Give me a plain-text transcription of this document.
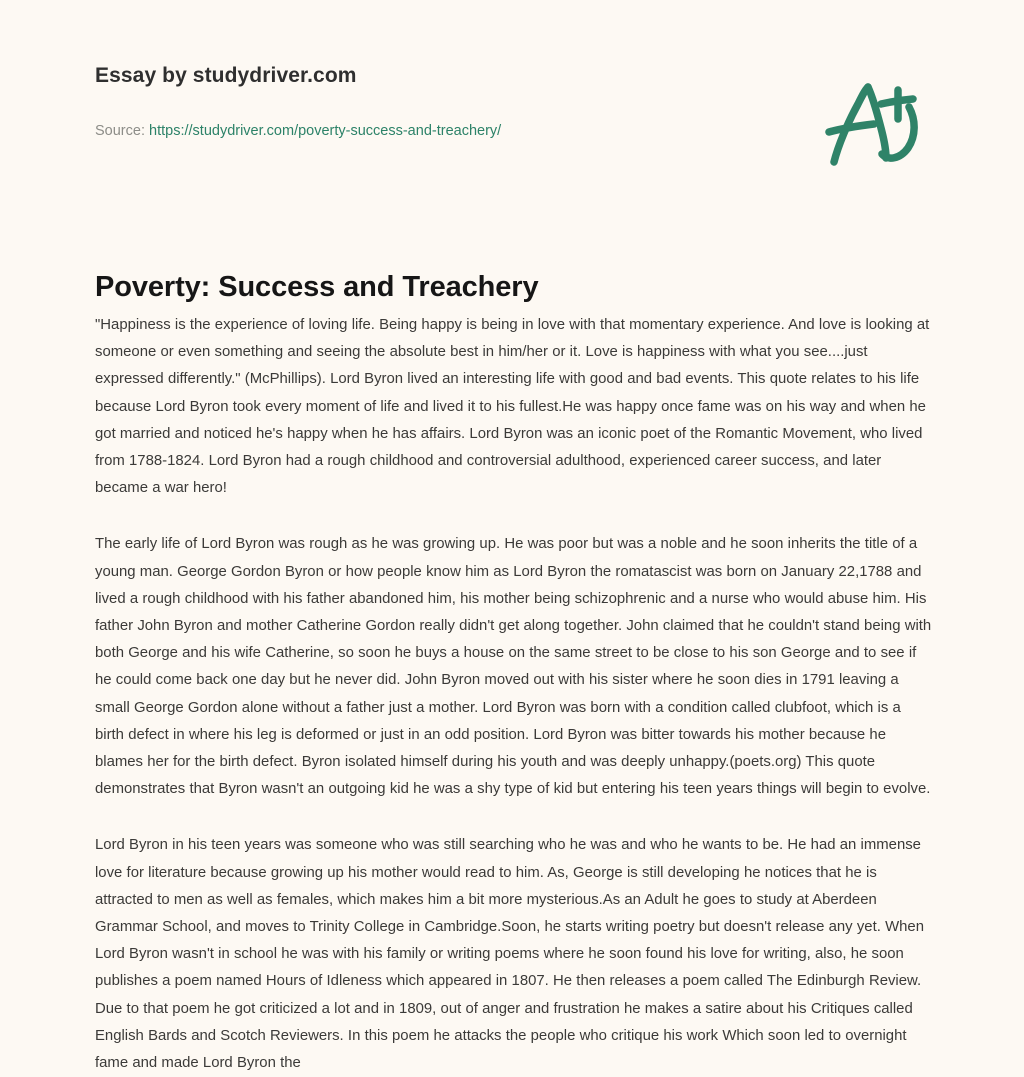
Essay by studydriver.com
Source: https://studydriver.com/poverty-success-and-treachery/
Poverty: Success and Treachery

"Happiness is the experience of loving life. Being happy is being in love with that momentary experience. And love is looking at someone or even something and seeing the absolute best in him/her or it. Love is happiness with what you see....just expressed differently." (McPhillips). Lord Byron lived an interesting life with good and bad events. This quote relates to his life because Lord Byron took every moment of life and lived it to his fullest.He was happy once fame was on his way and when he got married and noticed he's happy when he has affairs. Lord Byron was an iconic poet of the Romantic Movement, who lived from 1788-1824. Lord Byron had a rough childhood and controversial adulthood, experienced career success, and later became a war hero!

The early life of Lord Byron was rough as he was growing up. He was poor but was a noble and he soon inherits the title of a young man. George Gordon Byron or how people know him as Lord Byron the romatascist was born on January 22,1788 and lived a rough childhood with his father abandoned him, his mother being schizophrenic and a nurse who would abuse him. His father John Byron and mother Catherine Gordon really didn't get along together. John claimed that he couldn't stand being with both George and his wife Catherine, so soon he buys a house on the same street to be close to his son George and to see if he could come back one day but he never did. John Byron moved out with his sister where he soon dies in 1791 leaving a small George Gordon alone without a father just a mother. Lord Byron was born with a condition called clubfoot, which is a birth defect in where his leg is deformed or just in an odd position. Lord Byron was bitter towards his mother because he blames her for the birth defect. Byron isolated himself during his youth and was deeply unhappy.(poets.org) This quote demonstrates that Byron wasn't an outgoing kid he was a shy type of kid but entering his teen years things will begin to evolve.

Lord Byron in his teen years was someone who was still searching who he was and who he wants to be. He had an immense love for literature because growing up his mother would read to him. As, George is still developing he notices that he is attracted to men as well as females, which makes him a bit more mysterious.As an Adult he goes to study at Aberdeen Grammar School, and moves to Trinity College in Cambridge.Soon, he starts writing poetry but doesn't release any yet. When Lord Byron wasn't in school he was with his family or writing poems where he soon found his love for writing, also, he soon publishes a poem named Hours of Idleness which appeared in 1807. He then releases a poem called The Edinburgh Review. Due to that poem he got criticized a lot and in 1809, out of anger and frustration he makes a satire about his Critiques called English Bards and Scotch Reviewers. In this poem he attacks the people who critique his work Which soon led to overnight fame and made Lord Byron the
